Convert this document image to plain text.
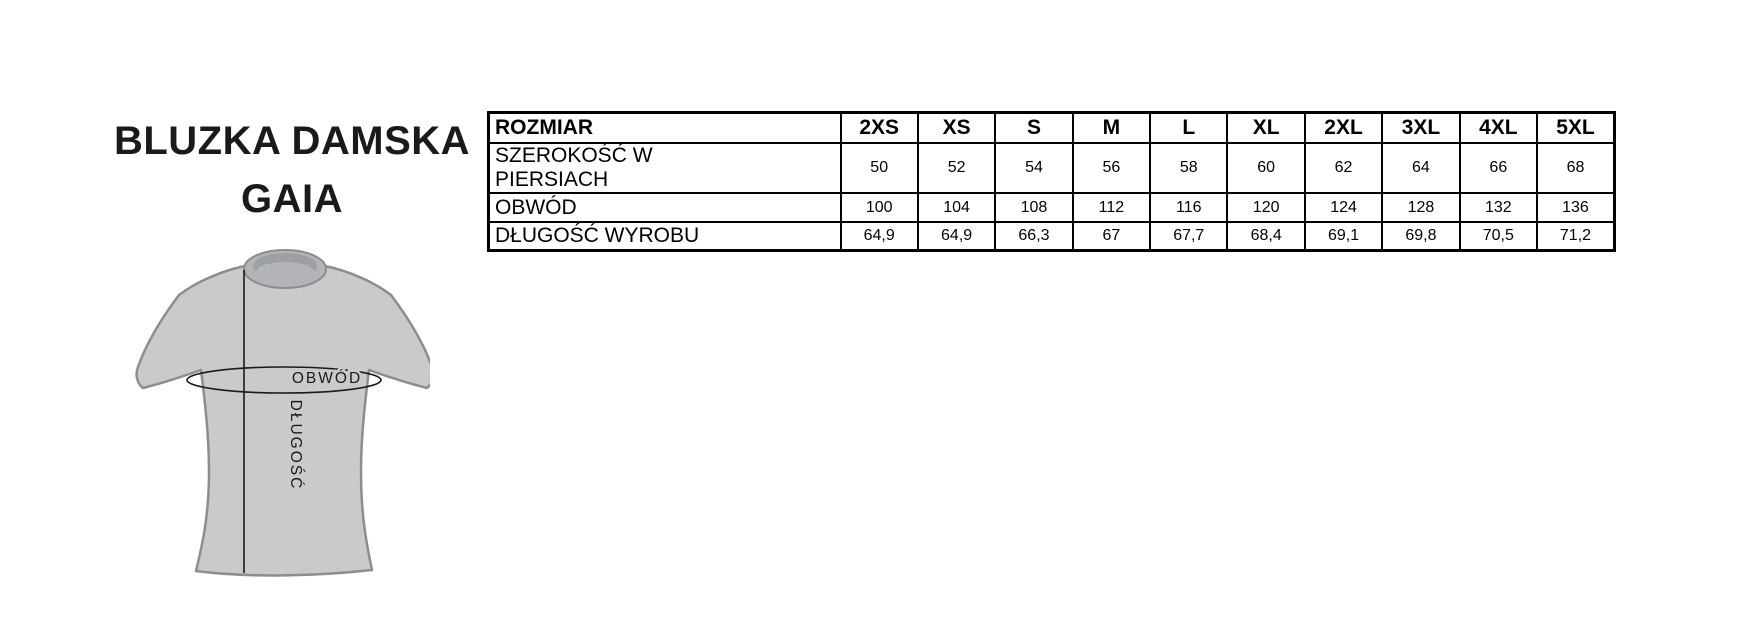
BLUZKA DAMSKA
GAIA
OBWÓD
DŁUGOŚĆ
ROZMIAR	2XS	XS	S	M	L	XL	2XL	3XL	4XL	5XL
SZEROKOŚĆ W PIERSIACH	50	52	54	56	58	60	62	64	66	68
OBWÓD	100	104	108	112	116	120	124	128	132	136
DŁUGOŚĆ WYROBU	64,9	64,9	66,3	67	67,7	68,4	69,1	69,8	70,5	71,2
